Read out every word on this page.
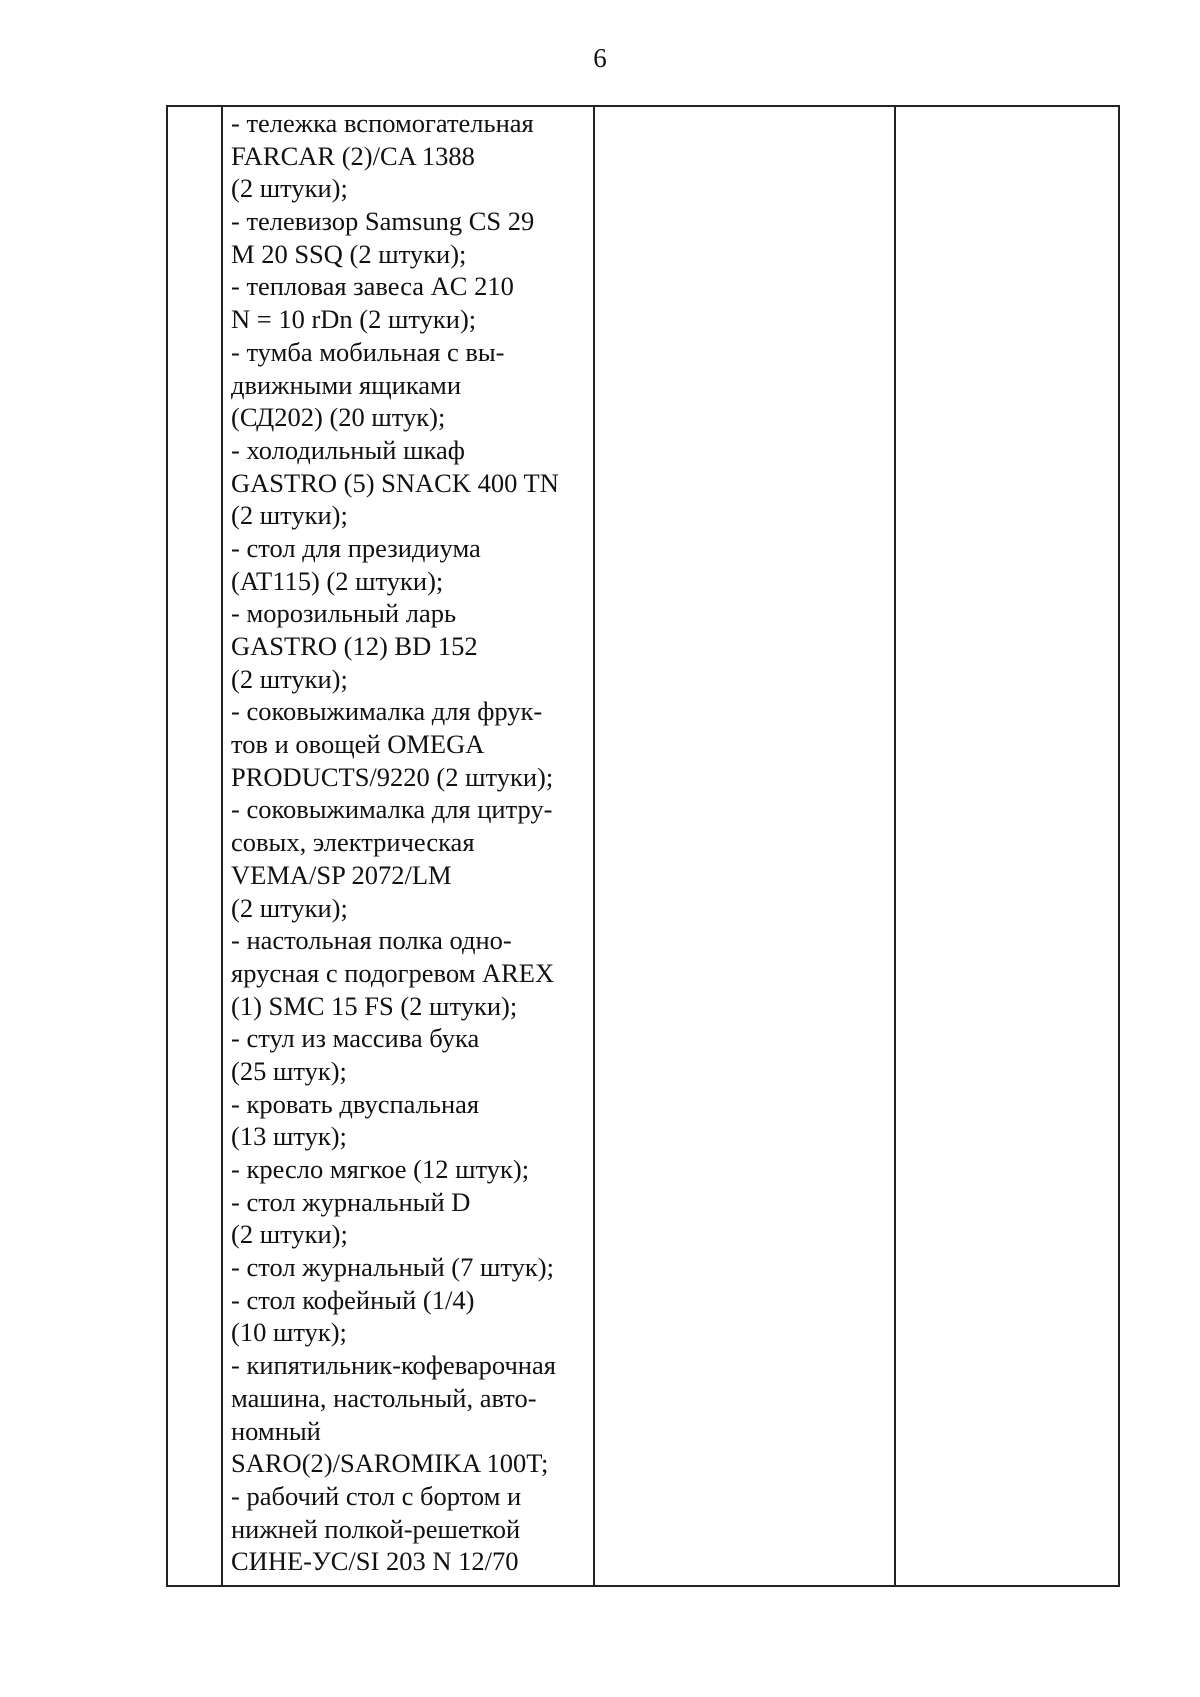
6
- тележка вспомогательная
FARCAR (2)/CA 1388
(2 штуки);
- телевизор Samsung CS 29
M 20 SSQ (2 штуки);
- тепловая завеса AC 210
N = 10 rDn (2 штуки);
- тумба мобильная с вы-
движными ящиками
(СД202) (20 штук);
- холодильный шкаф
GASTRO (5) SNACK 400 TN
(2 штуки);
- стол для президиума
(AT115) (2 штуки);
- морозильный ларь
GASTRO (12) BD 152
(2 штуки);
- соковыжималка для фрук-
тов и овощей OMEGA
PRODUCTS/9220 (2 штуки);
- соковыжималка для цитру-
совых, электрическая
VEMA/SP 2072/LM
(2 штуки);
- настольная полка одно-
ярусная с подогревом AREX
(1) SMC 15 FS (2 штуки);
- стул из массива бука
(25 штук);
- кровать двуспальная
(13 штук);
- кресло мягкое (12 штук);
- стол журнальный D
(2 штуки);
- стол журнальный (7 штук);
- стол кофейный (1/4)
(10 штук);
- кипятильник-кофеварочная
машина, настольный, авто-
номный
SARO(2)/SAROMIKA 100T;
- рабочий стол с бортом и
нижней полкой-решеткой
СИНЕ-УС/SI 203 N 12/70
